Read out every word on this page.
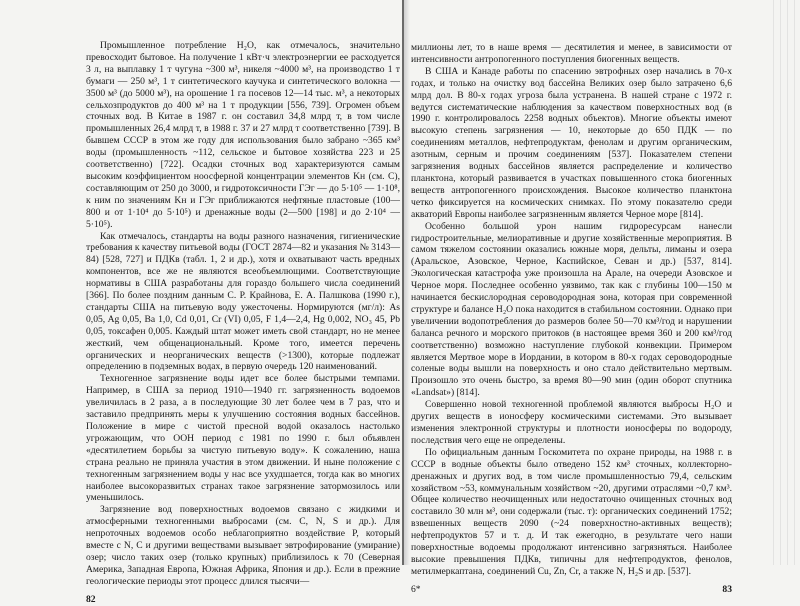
Промышленное потребление H₂O, как отмечалось, значительно превосходит бытовое. На получение 1 кВт·ч электроэнергии ее расходуется 3 л, на выплавку 1 т чугуна ~300 м³, никеля ~4000 м³, на производство 1 т бумаги — 250 м³, 1 т синтетического каучука и синтетического волокна — 3500 м³ (до 5000 м³), на орошение 1 га посевов 12—14 тыс. м³, а некоторых сельхозпродуктов до 400 м³ на 1 т продукции [556, 739]. Огромен объем сточных вод. В Китае в 1987 г. он составил 34,8 млрд т, в том числе промышленных 26,4 млрд т, в 1988 г. 37 и 27 млрд т соответственно [739]. В бывшем СССР в этом же году для использования было забрано ~365 км³ воды (промышленность ~112, сельское и бытовое хозяйства 223 и 25 соответственно) [722]. Осадки сточных вод характеризуются самым высоким коэффициентом ноосферной концентрации элементов Kн (см. C), составляющим от 250 до 3000, и гидротоксичности ГЭг — до 5·10⁵ — 1·10⁸, к ним по значениям Kн и ГЭг приближаются нефтяные пластовые (100—800 и от 1·10⁴ до 5·10⁵) и дренажные воды (2—500 [198] и до 2·10⁴ — 5·10⁵).

Как отмечалось, стандарты на воды разного назначения, гигиенические требования к качеству питьевой воды (ГОСТ 2874—82 и указания № 3143—84) [528, 727] и ПДКв (табл. 1, 2 и др.), хотя и охватывают часть вредных компонентов, все же не являются всеобъемлющими. Соответствующие нормативы в США разработаны для гораздо большего числа соединений [366]. По более поздним данным С. Р. Крайнова, Е. А. Палшкова (1990 г.), стандарты США на питьевую воду ужесточены. Нормируются (мг/л): As 0,05, Ag 0,05, Ba 1,0, Cd 0,01, Cr (VI) 0,05, F 1,4—2,4, Hg 0,002, NO₃ 45, Pb 0,05, токсафен 0,005. Каждый штат может иметь свой стандарт, но не менее жесткий, чем общенациональный. Кроме того, имеется перечень органических и неорганических веществ (>1300), которые подлежат определению в подземных водах, в первую очередь 120 наименований.

Техногенное загрязнение воды идет все более быстрыми темпами. Например, в США за период 1910—1940 гг. загрязненность водоемов увеличилась в 2 раза, а в последующие 30 лет более чем в 7 раз, что и заставило предпринять меры к улучшению состояния водных бассейнов. Положение в мире с чистой пресной водой оказалось настолько угрожающим, что ООН период с 1981 по 1990 г. был объявлен «десятилетием борьбы за чистую питьевую воду». К сожалению, наша страна реально не приняла участия в этом движении. И ныне положение с техногенным загрязнением воды у нас все ухудшается, тогда как во многих наиболее высокоразвитых странах такое загрязнение затормозилось или уменьшилось.

Загрязнение вод поверхностных водоемов связано с жидкими и атмосферными техногенными выбросами (см. C, N, S и др.). Для непроточных водоемов особо неблагоприятно воздействие P, который вместе с N, C и другими веществами вызывает эвтрофирование (умирание) озер; число таких озер (только крупных) приблизилось к 70 (Северная Америка, Западная Европа, Южная Африка, Япония и др.). Если в прежние геологические периоды этот процесс длился тысячи—

82

миллионы лет, то в наше время — десятилетия и менее, в зависимости от интенсивности антропогенного поступления биогенных веществ.

В США и Канаде работы по спасению эвтрофных озер начались в 70-х годах, и только на очистку вод бассейна Великих озер было затрачено 6,6 млрд дол. В 80-х годах угроза была устранена. В нашей стране с 1972 г. ведутся систематические наблюдения за качеством поверхностных вод (в 1990 г. контролировалось 2258 водных объектов). Многие объекты имеют высокую степень загрязнения — 10, некоторые до 650 ПДК — по соединениям металлов, нефтепродуктам, фенолам и другим органическим, азотным, серным и прочим соединениям [537]. Показателем степени загрязнения водных бассейнов является распределение и количество планктона, который развивается в участках повышенного стока биогенных веществ антропогенного происхождения. Высокое количество планктона четко фиксируется на космических снимках. По этому показателю среди акваторий Европы наиболее загрязненным является Черное море [814].

Особенно большой урон нашим гидроресурсам нанесли гидростроительные, мелиоративные и другие хозяйственные мероприятия. В самом тяжелом состоянии оказались южные моря, дельты, лиманы и озера (Аральское, Азовское, Черное, Каспийское, Севан и др.) [537, 814]. Экологическая катастрофа уже произошла на Арале, на очереди Азовское и Черное моря. Последнее особенно уязвимо, так как с глубины 100—150 м начинается бескислородная сероводородная зона, которая при современной структуре и балансе H₂O пока находится в стабильном состоянии. Однако при увеличении водопотребления до размеров более 50—70 км³/год и нарушении баланса речного и морского притоков (в настоящее время 360 и 200 км³/год соответственно) возможно наступление глубокой конвекции. Примером является Мертвое море в Иордании, в котором в 80-х годах сероводородные соленые воды вышли на поверхность и оно стало действительно мертвым. Произошло это очень быстро, за время 80—90 мин (один оборот спутника «Landsat») [814].

Совершенно новой техногенной проблемой являются выбросы H₂O и других веществ в ионосферу космическими системами. Это вызывает изменения электронной структуры и плотности ионосферы по водороду, последствия чего еще не определены.

По официальным данным Госкомитета по охране природы, на 1988 г. в СССР в водные объекты было отведено 152 км³ сточных, коллекторно-дренажных и других вод, в том числе промышленностью 79,4, сельским хозяйством ~53, коммунальным хозяйством ~20, другими отраслями ~0,7 км³. Общее количество неочищенных или недостаточно очищенных сточных вод составило 30 млн м³, они содержали (тыс. т): органических соединений 1752; взвешенных веществ 2090 (~24 поверхностно-активных веществ); нефтепродуктов 57 и т. д. И так ежегодно, в результате чего наши поверхностные водоемы продолжают интенсивно загрязняться. Наиболее высокие превышения ПДКв, типичны для нефтепродуктов, фенолов, метилмеркаптана, соединений Cu, Zn, Cr, а также N, H₂S и др. [537].

6*	83
